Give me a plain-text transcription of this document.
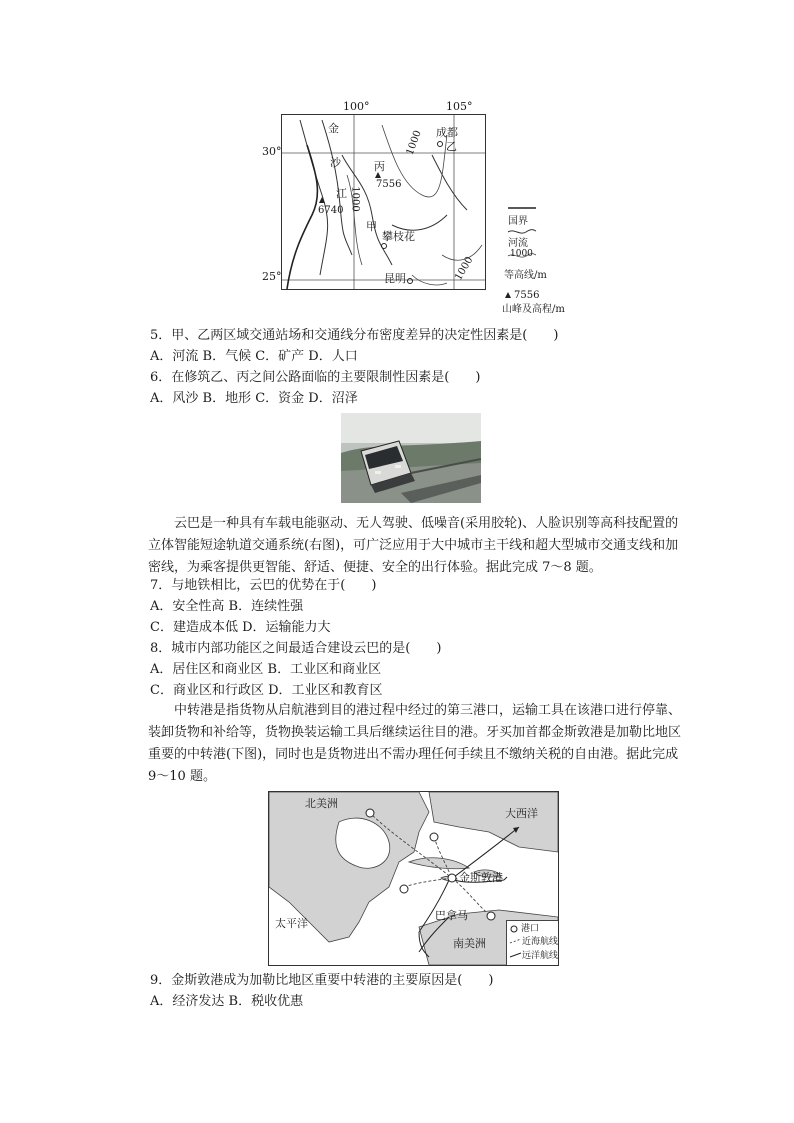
金
沙
江
6740 1000
丙
7556
成都
乙
1000
甲
攀枝花
昆明	1000
100°	105°
30°
25°
国界
河流
1000
等高线/m
7556
山峰及高程/m
5．甲、乙两区域交通站场和交通线分布密度差异的决定性因素是(　　)
A．河流 B．气候 C．矿产 D．人口
6．在修筑乙、丙之间公路面临的主要限制性因素是(　　)
A．风沙 B．地形 C．资金 D．沼泽
云巴是一种具有车载电能驱动、无人驾驶、低噪音(采用胶轮)、人脸识别等高科技配置的立体智能短途轨道交通系统(右图)，可广泛应用于大中城市主干线和超大型城市交通支线和加密线，为乘客提供更智能、舒适、便捷、安全的出行体验。据此完成 7～8 题。
7．与地铁相比，云巴的优势在于(　　)
A．安全性高 B．连续性强
C．建造成本低 D．运输能力大
8．城市内部功能区之间最适合建设云巴的是(　　)
A．居住区和商业区 B．工业区和商业区
C．商业区和行政区 D．工业区和教育区
中转港是指货物从启航港到目的港过程中经过的第三港口，运输工具在该港口进行停靠、装卸货物和补给等，货物换装运输工具后继续运往目的港。牙买加首都金斯敦港是加勒比地区重要的中转港(下图)，同时也是货物进出不需办理任何手续且不缴纳关税的自由港。据此完成 9～10 题。
北美洲
大西洋
金斯敦港
太平洋
巴拿马
南美洲
港口
近海航线
远洋航线
9．金斯敦港成为加勒比地区重要中转港的主要原因是(　　)
A．经济发达 B．税收优惠
